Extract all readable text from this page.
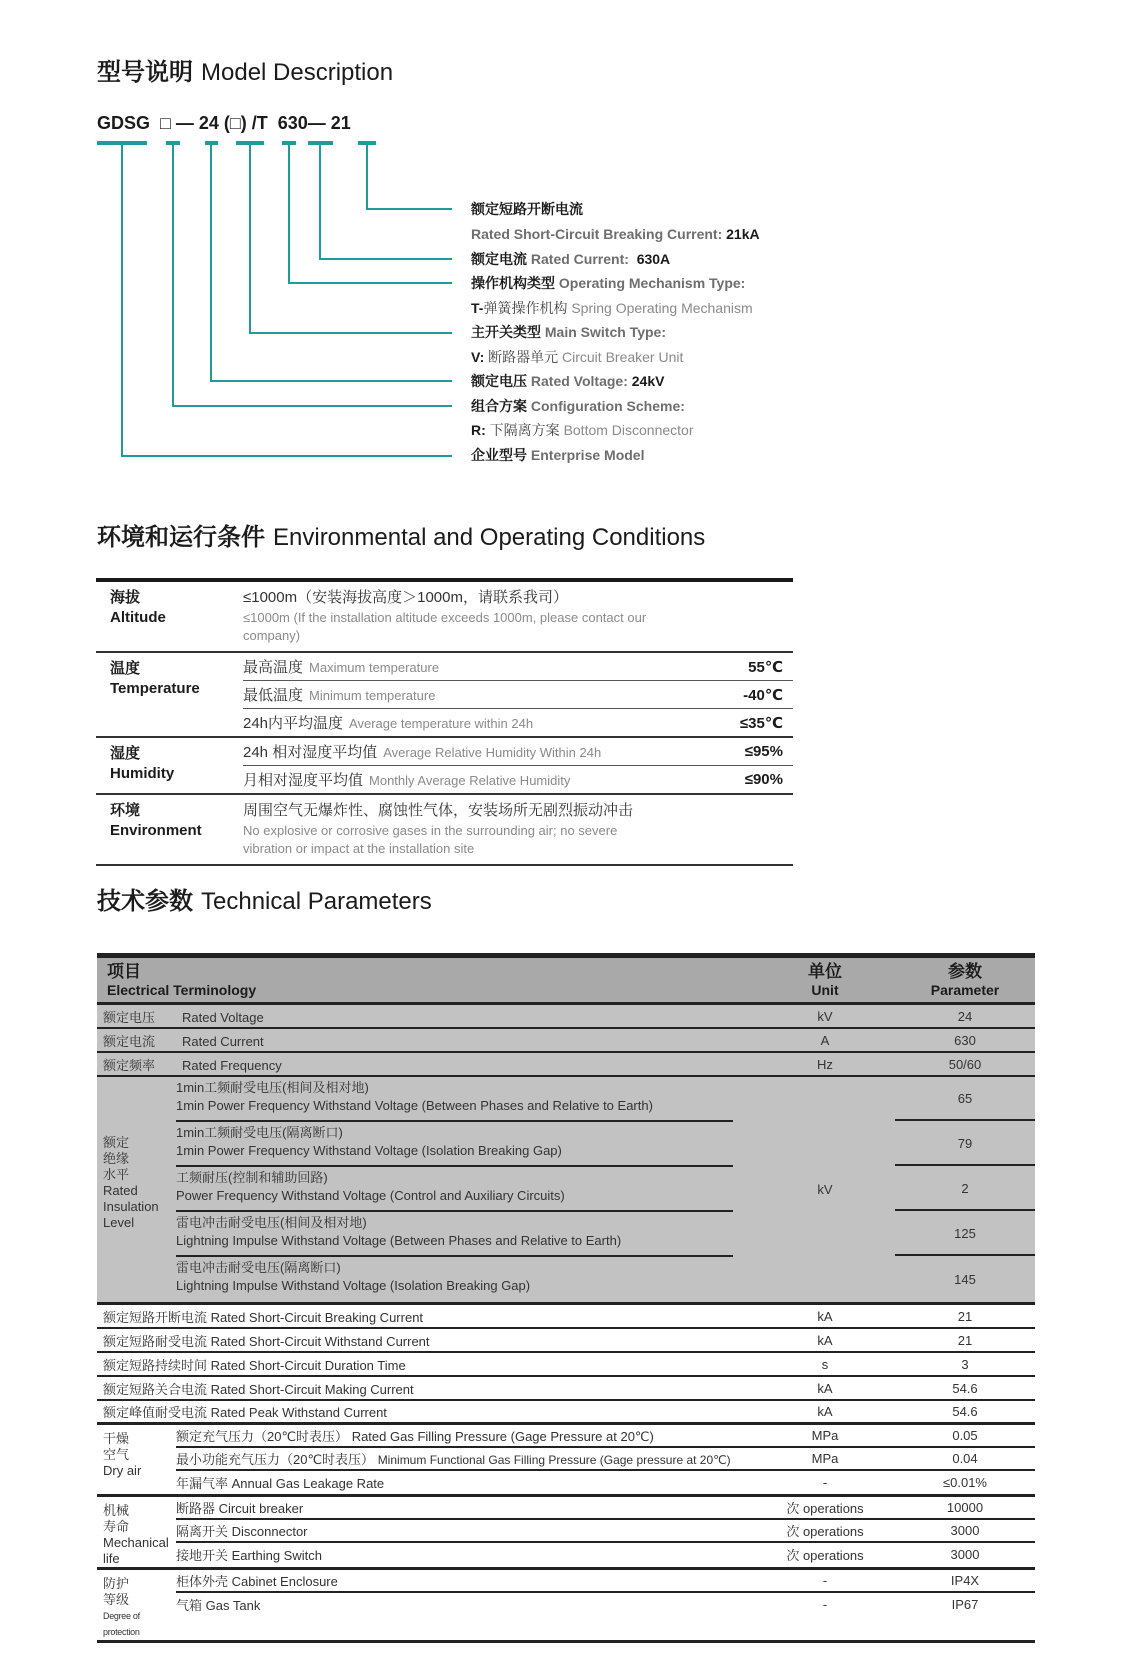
型号说明 Model Description
GDSG  □ — 24 (□) /T  630— 21
额定短路开断电流
Rated Short-Circuit Breaking Current: 21kA
额定电流 Rated Current: 630A
操作机构类型 Operating Mechanism Type:
T-弹簧操作机构 Spring Operating Mechanism
主开关类型 Main Switch Type:
V: 断路器单元 Circuit Breaker Unit
额定电压 Rated Voltage: 24kV
组合方案 Configuration Scheme:
R: 下隔离方案 Bottom Disconnector
企业型号 Enterprise Model
环境和运行条件 Environmental and Operating Conditions
海拔
Altitude
≤1000m（安装海拔高度＞1000m，请联系我司）
≤1000m (If the installation altitude exceeds 1000m, please contact our company)
温度
Temperature
最高温度 Maximum temperature	55℃
最低温度 Minimum temperature	-40℃
24h内平均温度 Average temperature within 24h	≤35℃
湿度
Humidity
24h 相对湿度平均值 Average Relative Humidity Within 24h	≤95%
月相对湿度平均值 Monthly Average Relative Humidity	≤90%
环境
Environment
周围空气无爆炸性、腐蚀性气体，安装场所无剧烈振动冲击
No explosive or corrosive gases in the surrounding air; no severe vibration or impact at the installation site
技术参数 Technical Parameters
项目
Electrical Terminology
单位
Unit
参数
Parameter
额定电压 Rated Voltage	kV	24
额定电流 Rated Current	A	630
额定频率 Rated Frequency	Hz	50/60
额定
绝缘
水平
Rated
Insulation
Level
kV
1min工频耐受电压(相间及相对地)
1min Power Frequency Withstand Voltage (Between Phases and Relative to Earth)	65
1min工频耐受电压(隔离断口)
1min Power Frequency Withstand Voltage (Isolation Breaking Gap)	79
工频耐压(控制和辅助回路)
Power Frequency Withstand Voltage (Control and Auxiliary Circuits)	2
雷电冲击耐受电压(相间及相对地)
Lightning Impulse Withstand Voltage (Between Phases and Relative to Earth)	125
雷电冲击耐受电压(隔离断口)
Lightning Impulse Withstand Voltage (Isolation Breaking Gap)	145
额定短路开断电流 Rated Short-Circuit Breaking Current	kA	21
额定短路耐受电流 Rated Short-Circuit Withstand Current	kA	21
额定短路持续时间 Rated Short-Circuit Duration Time	s	3
额定短路关合电流 Rated Short-Circuit Making Current	kA	54.6
额定峰值耐受电流 Rated Peak Withstand Current	kA	54.6
干燥
空气
Dry air
额定充气压力（20℃时表压） Rated Gas Filling Pressure (Gage Pressure at 20℃)	MPa	0.05
最小功能充气压力（20℃时表压） Minimum Functional Gas Filling Pressure (Gage pressure at 20℃)	MPa	0.04
年漏气率 Annual Gas Leakage Rate	-	≤0.01%
机械
寿命
Mechanical
life
断路器 Circuit breaker	次 operations	10000
隔离开关 Disconnector	次 operations	3000
接地开关 Earthing Switch	次 operations	3000
防护
等级
Degree of protection
柜体外壳 Cabinet Enclosure	-	IP4X
气箱 Gas Tank	-	IP67
